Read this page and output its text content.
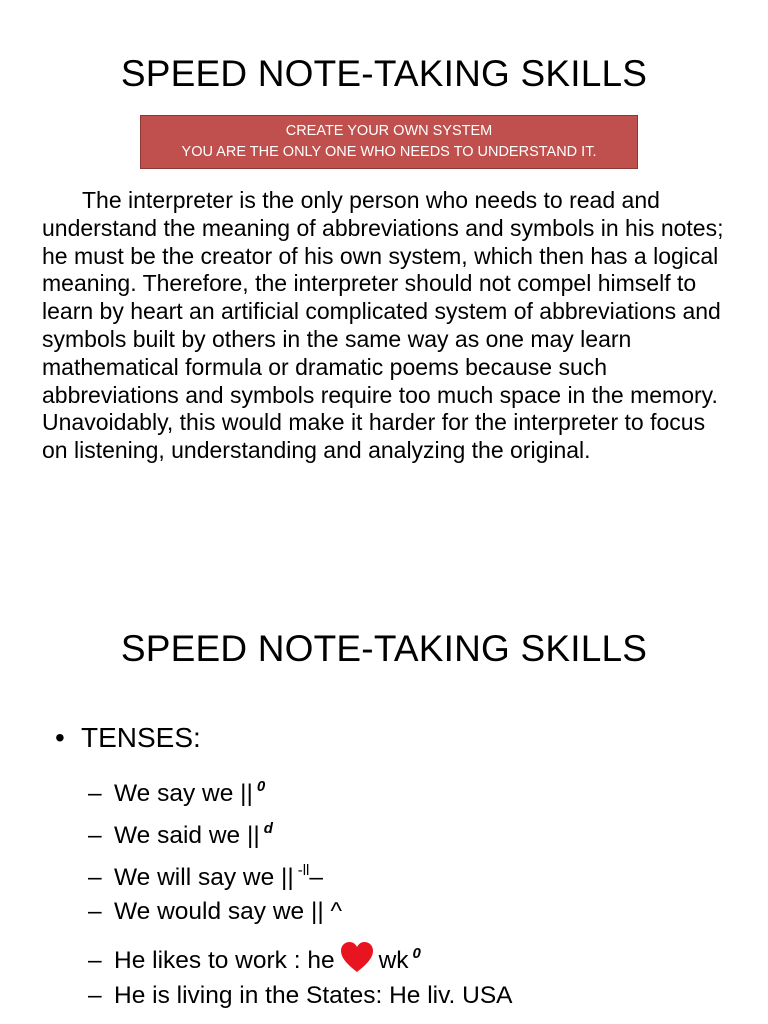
SPEED NOTE-TAKING SKILLS
CREATE YOUR OWN SYSTEM
YOU ARE THE ONLY ONE WHO NEEDS TO UNDERSTAND IT.

The interpreter is the only person who needs to read and understand the meaning of abbreviations and symbols in his notes; he must be the creator of his own system, which then has a logical meaning. Therefore, the interpreter should not compel himself to learn by heart an artificial complicated system of abbreviations and symbols built by others in the same way as one may learn mathematical formula or dramatic poems because such abbreviations and symbols require too much space in the memory. Unavoidably, this would make it harder for the interpreter to focus on listening, understanding and analyzing the original.

SPEED NOTE-TAKING SKILLS
• TENSES:
– We say we || $^0$
– We said we || $^d$
– We will say we || $^{-ll}$–
– We would say we || ^
– He likes to work : he wk $^0$
– He is living in the States: He liv. USA
